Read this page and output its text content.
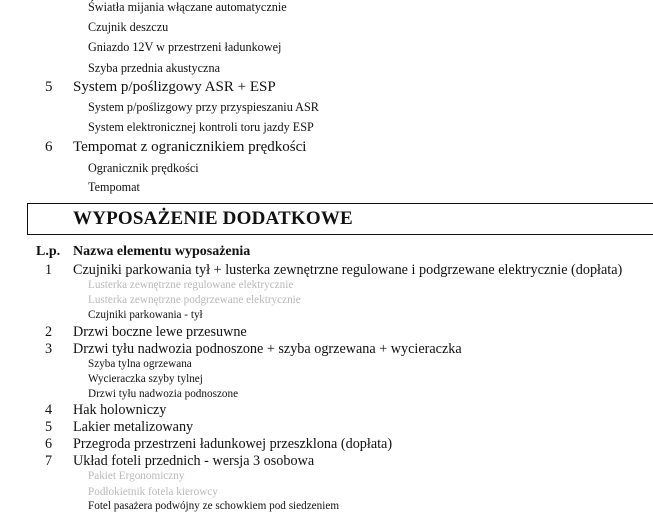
Światła mijania włączane automatycznie
Czujnik deszczu
Gniazdo 12V w przestrzeni ładunkowej
Szyba przednia akustyczna
5 System p/poślizgowy ASR + ESP
System p/poślizgowy przy przyspieszaniu ASR
System elektronicznej kontroli toru jazdy ESP
6 Tempomat z ogranicznikiem prędkości
Ogranicznik prędkości
Tempomat
WYPOSAŻENIE DODATKOWE
L.p. Nazwa elementu wyposażenia
1 Czujniki parkowania tył + lusterka zewnętrzne regulowane i podgrzewane elektrycznie (dopłata)
Lusterka zewnętrzne regulowane elektrycznie
Lusterka zewnętrzne podgrzewane elektrycznie
Czujniki parkowania - tył
2 Drzwi boczne lewe przesuwne
3 Drzwi tyłu nadwozia podnoszone + szyba ogrzewana + wycieraczka
Szyba tylna ogrzewana
Wycieraczka szyby tylnej
Drzwi tyłu nadwozia podnoszone
4 Hak holowniczy
5 Lakier metalizowany
6 Przegroda przestrzeni ładunkowej przeszklona (dopłata)
7 Układ foteli przednich - wersja 3 osobowa
Pakiet Ergonomiczny
Podłokietnik fotela kierowcy
Fotel pasażera podwójny ze schowkiem pod siedzeniem
